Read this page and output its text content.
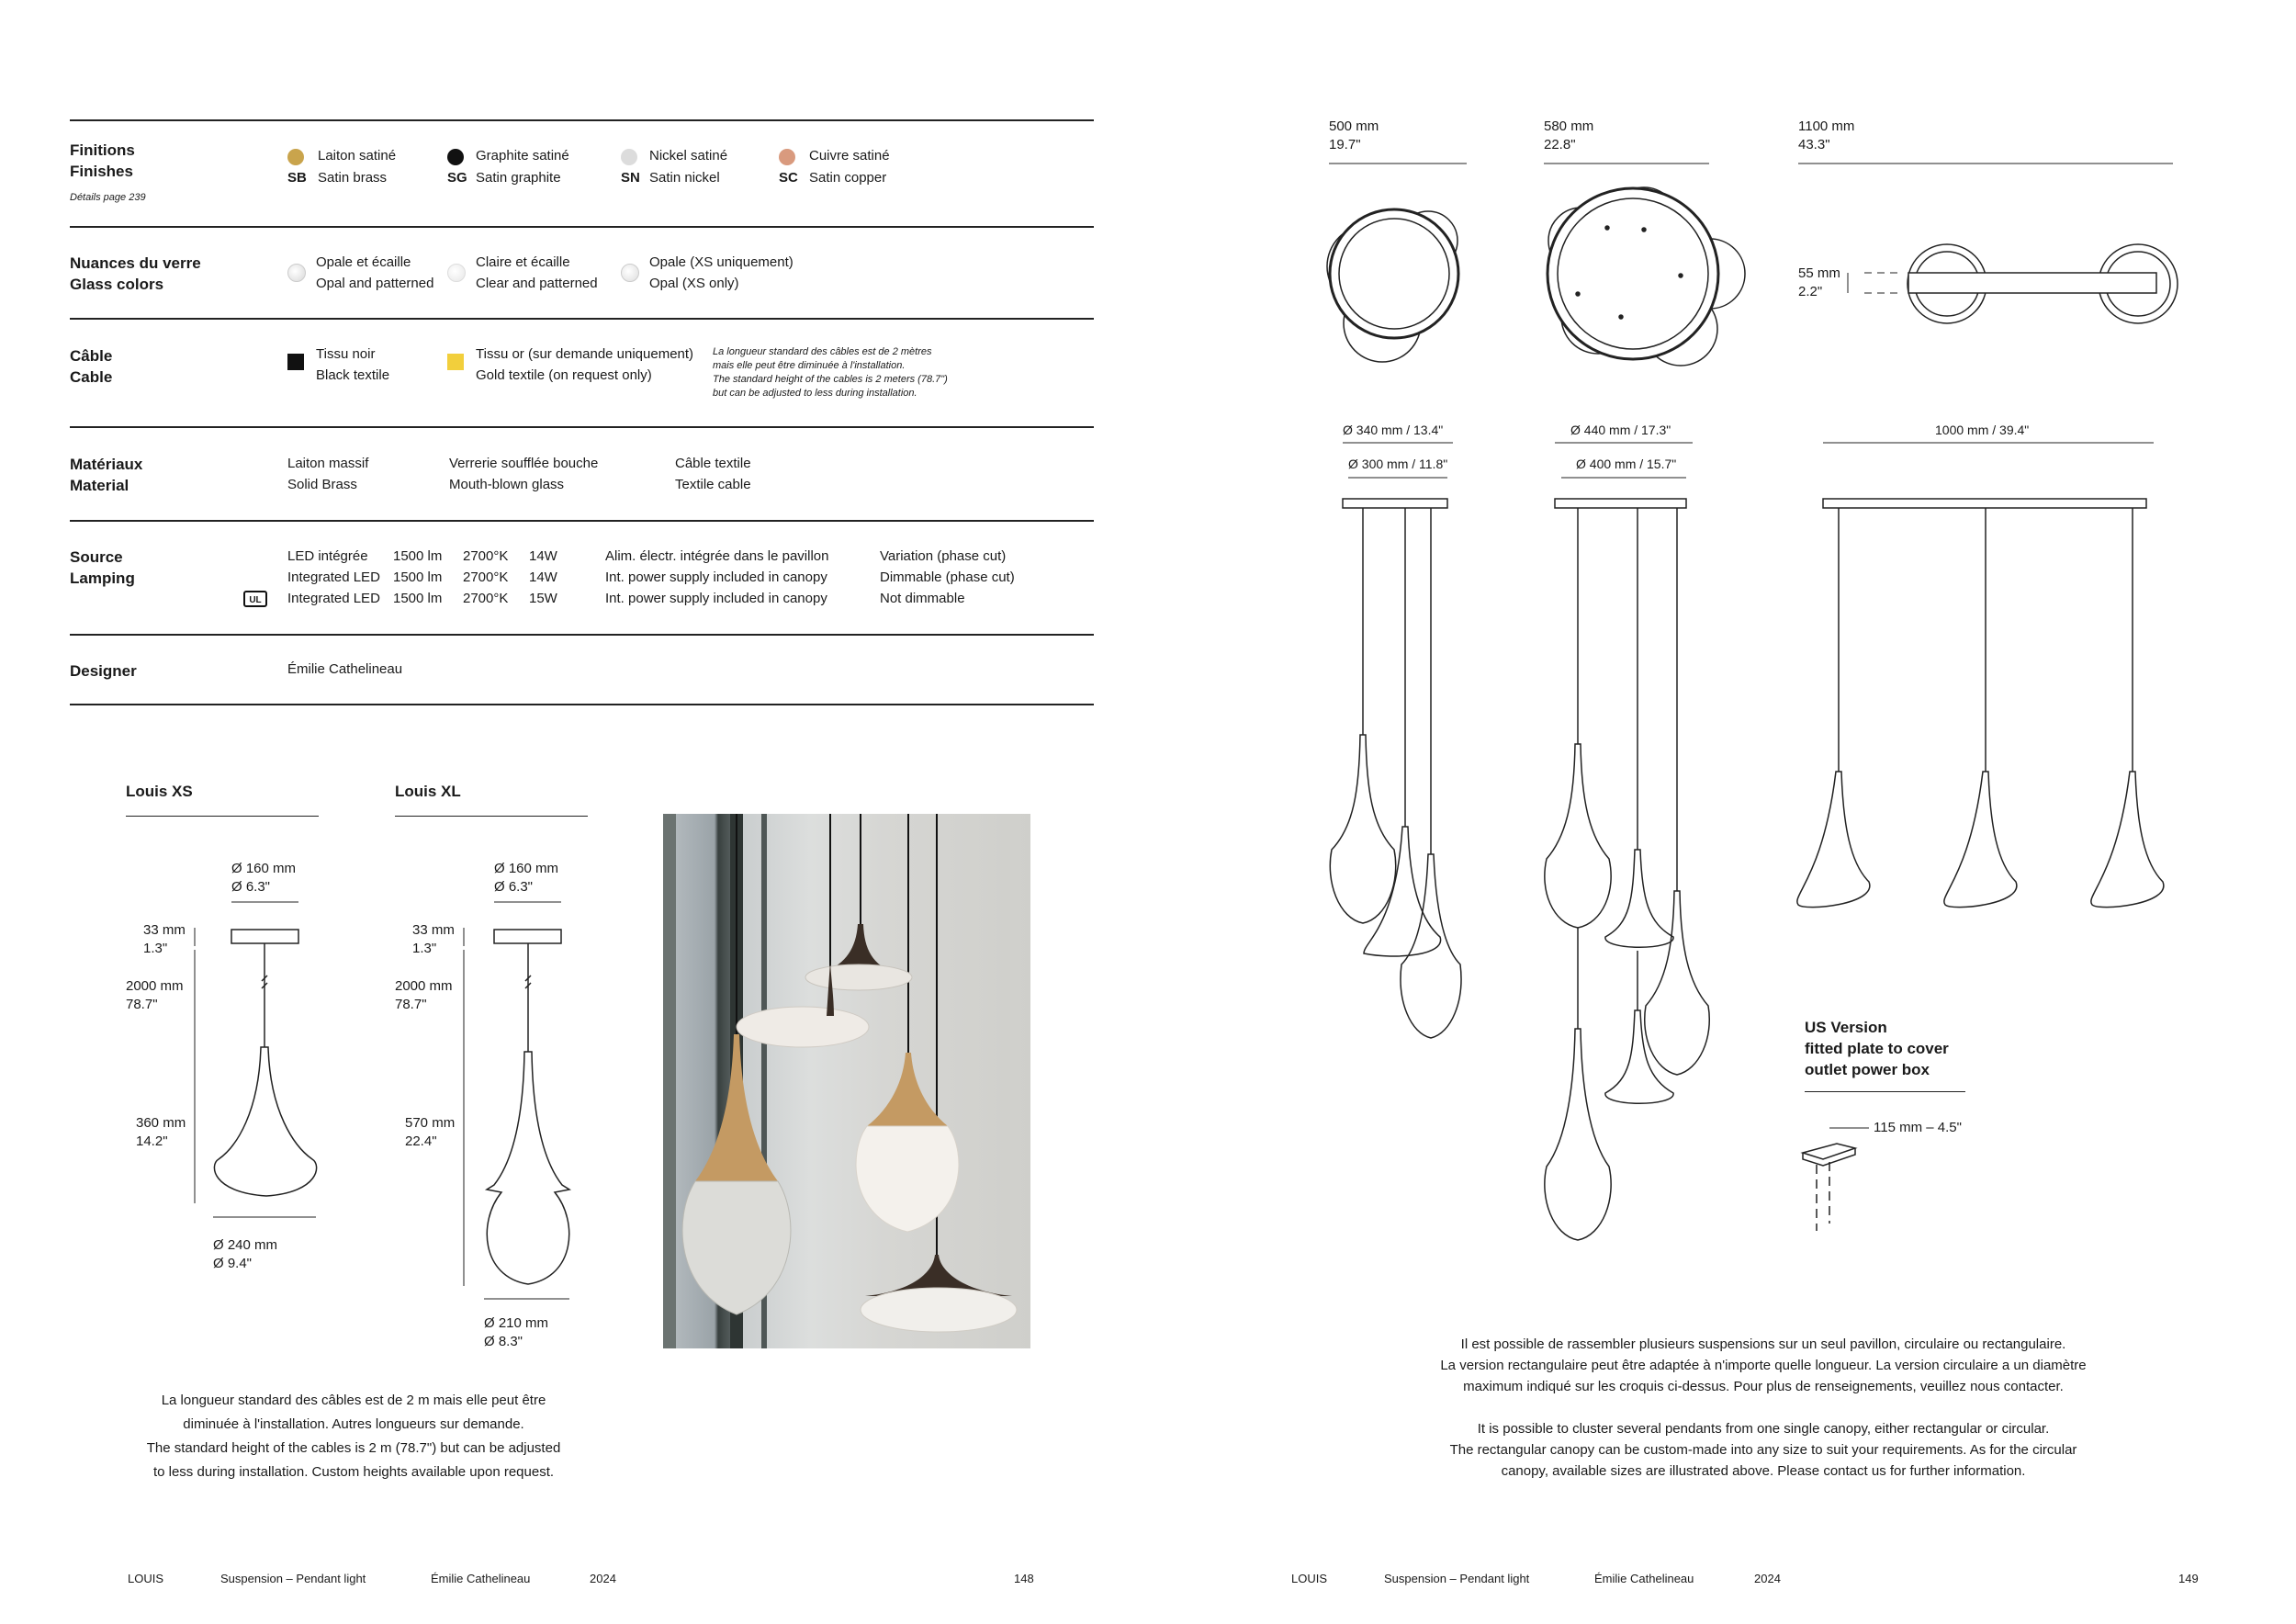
Finitions
Finishes
Détails page 239
Laiton satiné
SB Satin brass
Graphite satiné
SG Satin graphite
Nickel satiné
SN Satin nickel
Cuivre satiné
SC Satin copper
Nuances du verre
Glass colors
Opale et écaille
Opal and patterned
Claire et écaille
Clear and patterned
Opale (XS uniquement)
Opal (XS only)
Câble
Cable
Tissu noir
Black textile
Tissu or (sur demande uniquement)
Gold textile (on request only)
La longueur standard des câbles est de 2 mètres
mais elle peut être diminuée à l'installation.
The standard height of the cables is 2 meters (78.7")
but can be adjusted to less during installation.
Matériaux
Material
Laiton massif
Solid Brass
Verrerie soufflée bouche
Mouth-blown glass
Câble textile
Textile cable
Source
Lamping
UL
LED intégrée 1500 lm 2700°K 14W	Alim. électr. intégrée dans le pavillon	Variation (phase cut)
Integrated LED 1500 lm 2700°K 14W	Int. power supply included in canopy	Dimmable (phase cut)
Integrated LED 1500 lm 2700°K 15W	Int. power supply included in canopy	Not dimmable
Designer	Émilie Cathelineau
Louis XS
Ø 160 mm
Ø 6.3"
33 mm
1.3"
2000 mm
78.7"
360 mm
14.2"
Ø 240 mm
Ø 9.4"
Louis XL
Ø 160 mm
Ø 6.3"
33 mm
1.3"
2000 mm
78.7"
570 mm
22.4"
Ø 210 mm
Ø 8.3"
La longueur standard des câbles est de 2 m mais elle peut être
diminuée à l'installation. Autres longueurs sur demande.
The standard height of the cables is 2 m (78.7") but can be adjusted
to less during installation. Custom heights available upon request.
LOUIS	Suspension – Pendant light	Émilie Cathelineau	2024	148
500 mm
19.7"
Ø 340 mm / 13.4"
Ø 300 mm / 11.8"
580 mm
22.8"
Ø 440 mm / 17.3"
Ø 400 mm / 15.7"
1100 mm
43.3"
55 mm
2.2"
1000 mm / 39.4"
US Version
fitted plate to cover
outlet power box
115 mm – 4.5"
Il est possible de rassembler plusieurs suspensions sur un seul pavillon, circulaire ou rectangulaire.
La version rectangulaire peut être adaptée à n'importe quelle longueur. La version circulaire a un diamètre
maximum indiqué sur les croquis ci-dessus. Pour plus de renseignements, veuillez nous contacter.
It is possible to cluster several pendants from one single canopy, either rectangular or circular.
The rectangular canopy can be custom-made into any size to suit your requirements. As for the circular
canopy, available sizes are illustrated above. Please contact us for further information.
LOUIS	Suspension – Pendant light	Émilie Cathelineau	2024	149
